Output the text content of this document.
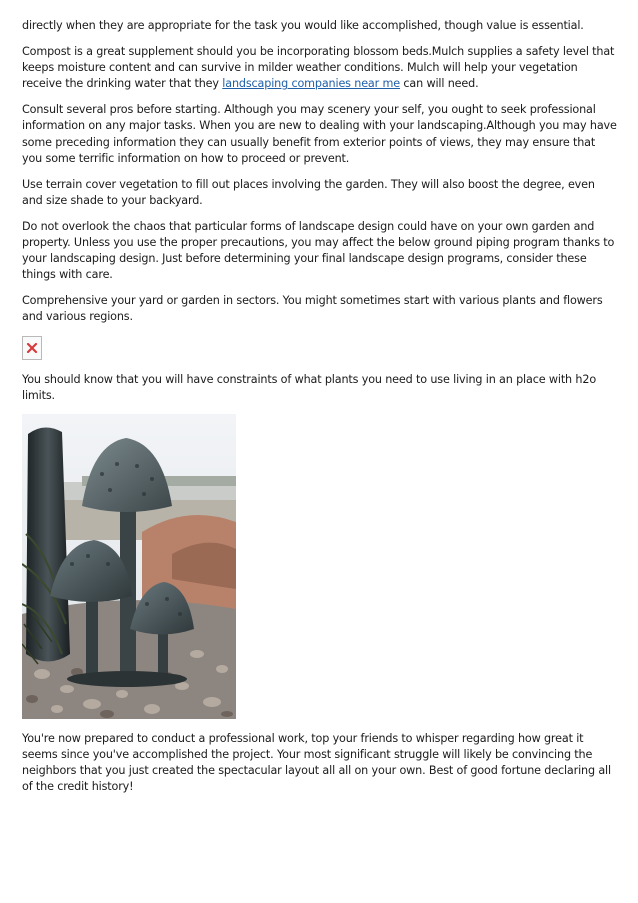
directly when they are appropriate for the task you would like accomplished, though value is essential.

Compost is a great supplement should you be incorporating blossom beds.Mulch supplies a safety level that keeps moisture content and can survive in milder weather conditions. Mulch will help your vegetation receive the drinking water that they landscaping companies near me can will need.

Consult several pros before starting. Although you may scenery your self, you ought to seek professional information on any major tasks. When you are new to dealing with your landscaping.Although you may have some preceding information they can usually benefit from exterior points of views, they may ensure that you some terrific information on how to proceed or prevent.

Use terrain cover vegetation to fill out places involving the garden. They will also boost the degree, even and size shade to your backyard.

Do not overlook the chaos that particular forms of landscape design could have on your own garden and property. Unless you use the proper precautions, you may affect the below ground piping program thanks to your landscaping design. Just before determining your final landscape design programs, consider these things with care.

Comprehensive your yard or garden in sectors. You might sometimes start with various plants and flowers and various regions.

You should know that you will have constraints of what plants you need to use living in an place with h2o limits.

You're now prepared to conduct a professional work, top your friends to whisper regarding how great it seems since you've accomplished the project. Your most significant struggle will likely be convincing the neighbors that you just created the spectacular layout all all on your own. Best of good fortune declaring all of the credit history!
